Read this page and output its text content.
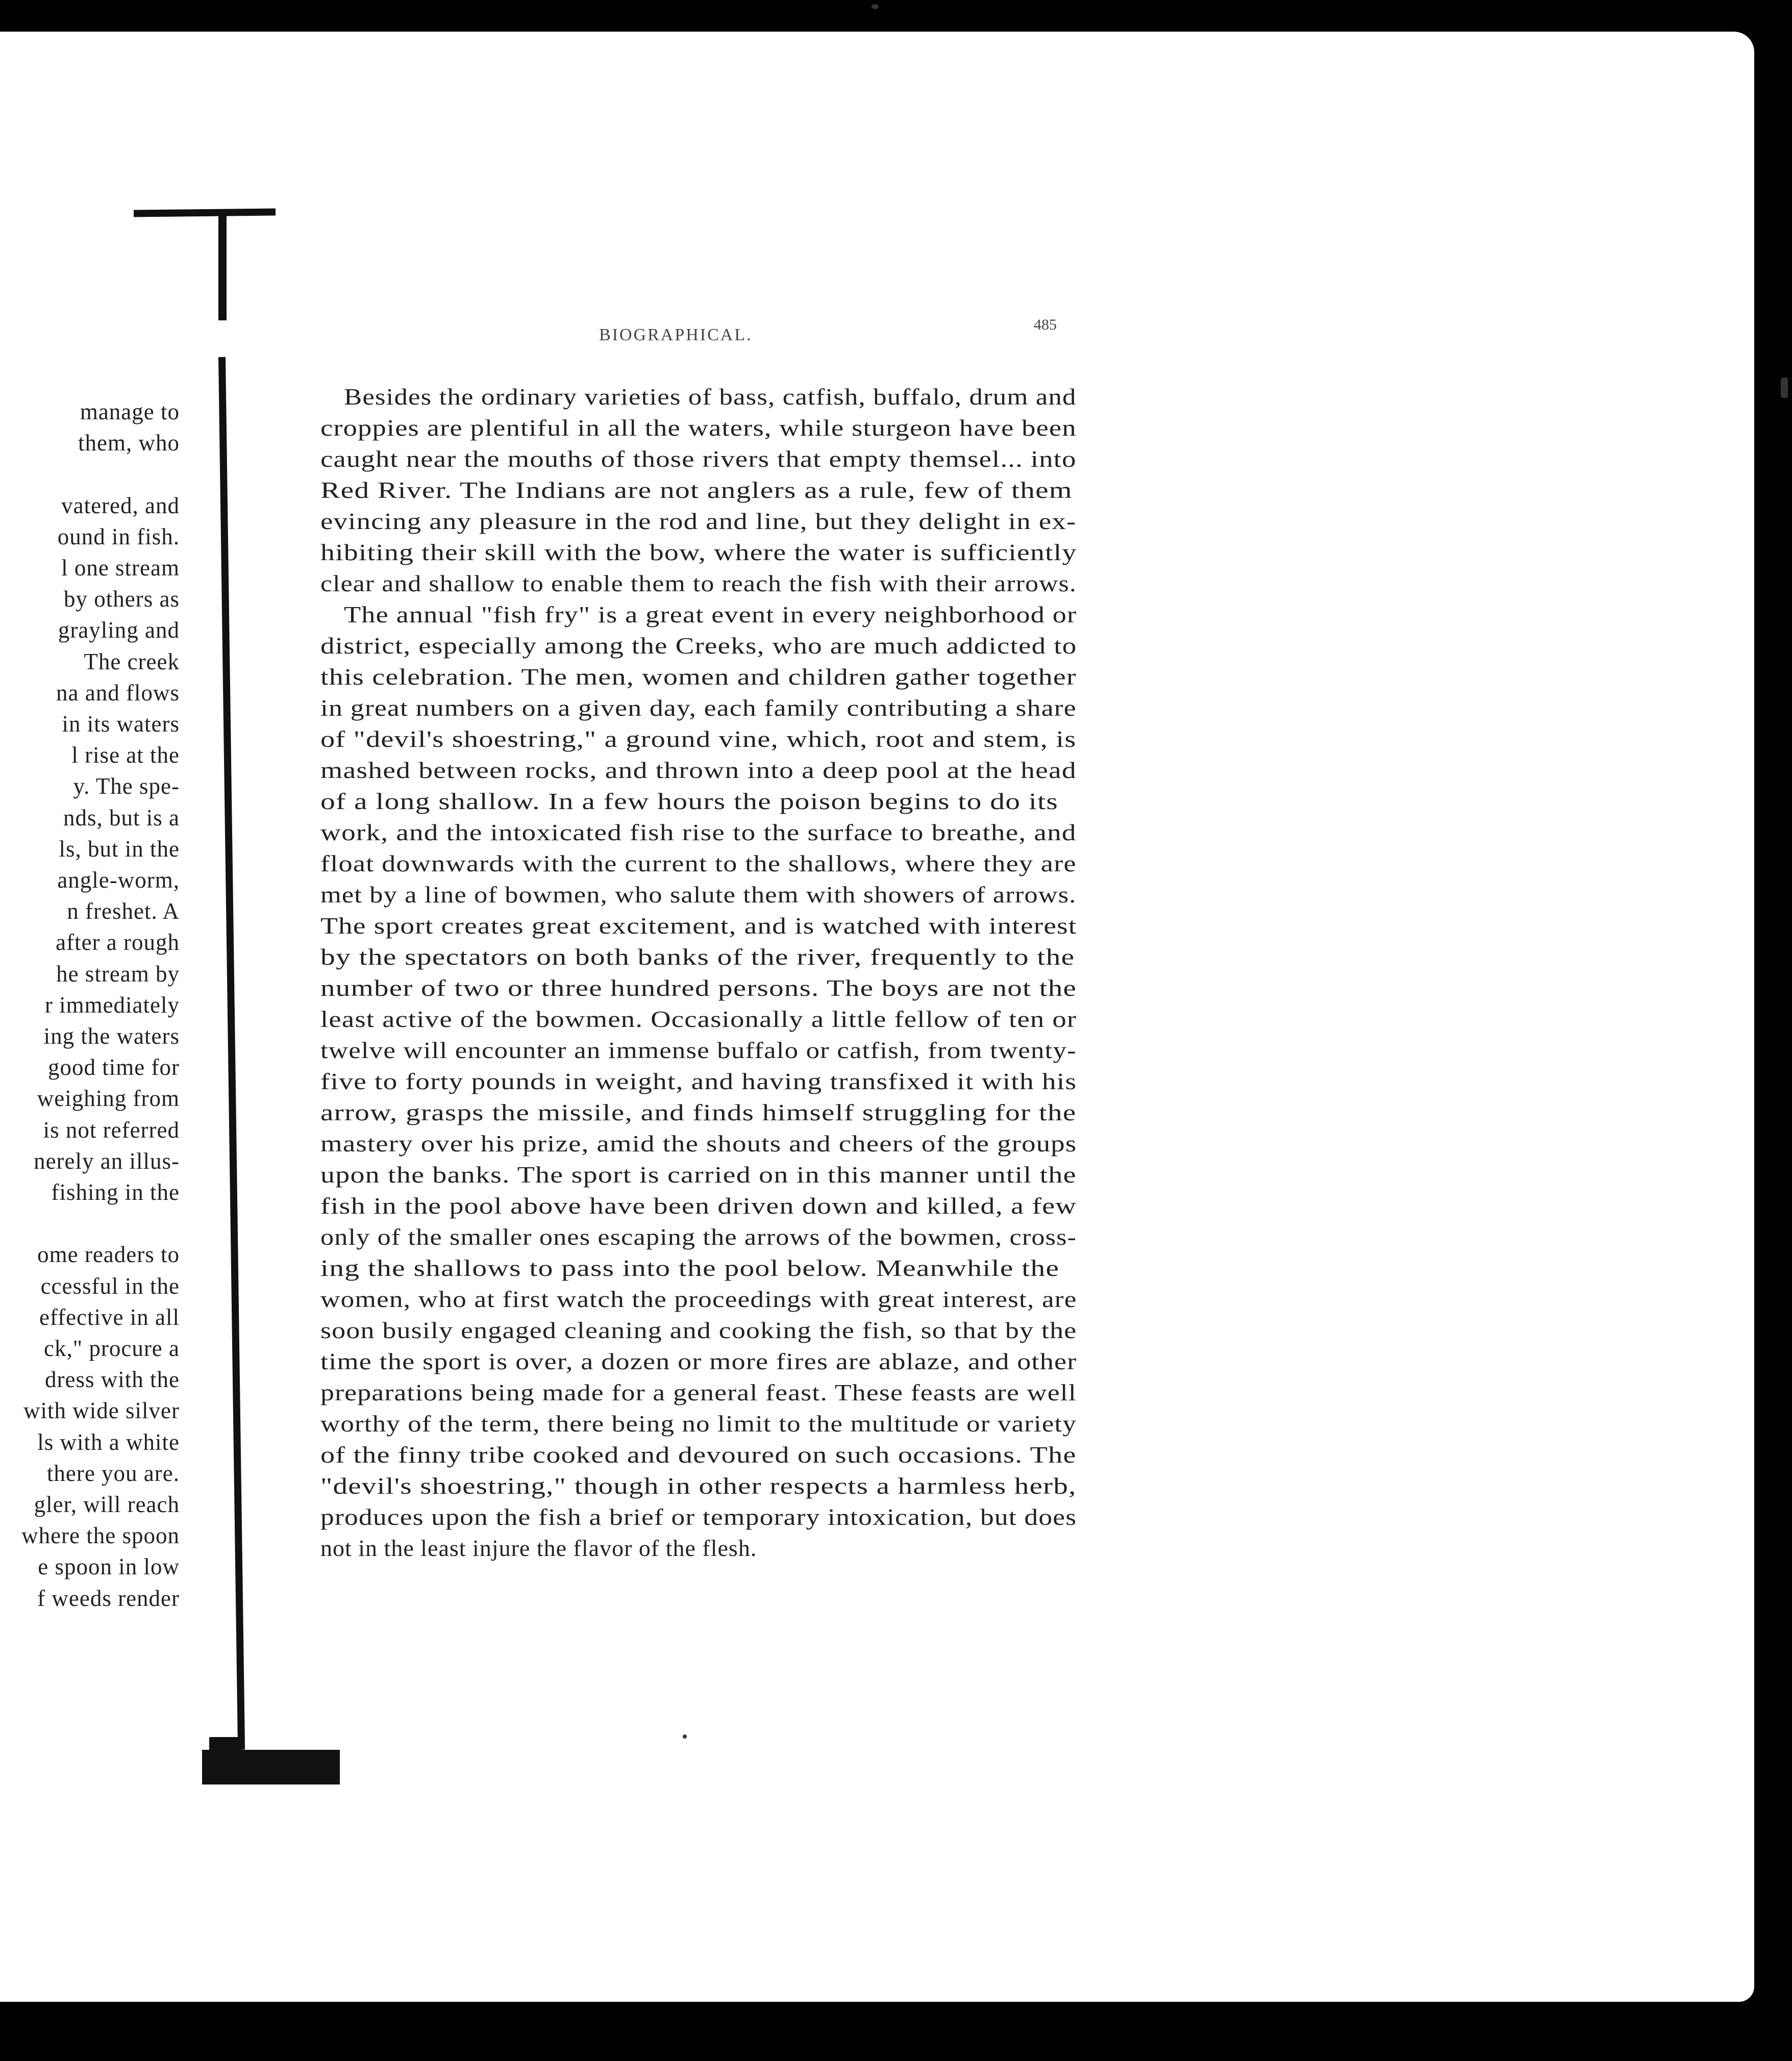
BIOGRAPHICAL.
485
manage to
them, who
vatered, and
ound in fish.
l one stream
by others as
grayling and
The creek
na and flows
in its waters
l rise at the
y. The spe-
nds, but is a
ls, but in the
angle-worm,
n freshet. A
after a rough
he stream by
r immediately
ing the waters
good time for
weighing from
is not referred
nerely an illus-
fishing in the
ome readers to
ccessful in the
effective in all
ck," procure a
dress with the
with wide silver
ls with a white
there you are.
gler, will reach
where the spoon
e spoon in low
f weeds render
Besides the ordinary varieties of bass, catfish, buffalo, drum and
croppies are plentiful in all the waters, while sturgeon have been
caught near the mouths of those rivers that empty themsel... into
Red River. The Indians are not anglers as a rule, few of them
evincing any pleasure in the rod and line, but they delight in ex-
hibiting their skill with the bow, where the water is sufficiently
clear and shallow to enable them to reach the fish with their arrows.
The annual "fish fry" is a great event in every neighborhood or
district, especially among the Creeks, who are much addicted to
this celebration. The men, women and children gather together
in great numbers on a given day, each family contributing a share
of "devil's shoestring," a ground vine, which, root and stem, is
mashed between rocks, and thrown into a deep pool at the head
of a long shallow. In a few hours the poison begins to do its
work, and the intoxicated fish rise to the surface to breathe, and
float downwards with the current to the shallows, where they are
met by a line of bowmen, who salute them with showers of arrows.
The sport creates great excitement, and is watched with interest
by the spectators on both banks of the river, frequently to the
number of two or three hundred persons. The boys are not the
least active of the bowmen. Occasionally a little fellow of ten or
twelve will encounter an immense buffalo or catfish, from twenty-
five to forty pounds in weight, and having transfixed it with his
arrow, grasps the missile, and finds himself struggling for the
mastery over his prize, amid the shouts and cheers of the groups
upon the banks. The sport is carried on in this manner until the
fish in the pool above have been driven down and killed, a few
only of the smaller ones escaping the arrows of the bowmen, cross-
ing the shallows to pass into the pool below. Meanwhile the
women, who at first watch the proceedings with great interest, are
soon busily engaged cleaning and cooking the fish, so that by the
time the sport is over, a dozen or more fires are ablaze, and other
preparations being made for a general feast. These feasts are well
worthy of the term, there being no limit to the multitude or variety
of the finny tribe cooked and devoured on such occasions. The
"devil's shoestring," though in other respects a harmless herb,
produces upon the fish a brief or temporary intoxication, but does
not in the least injure the flavor of the flesh.
